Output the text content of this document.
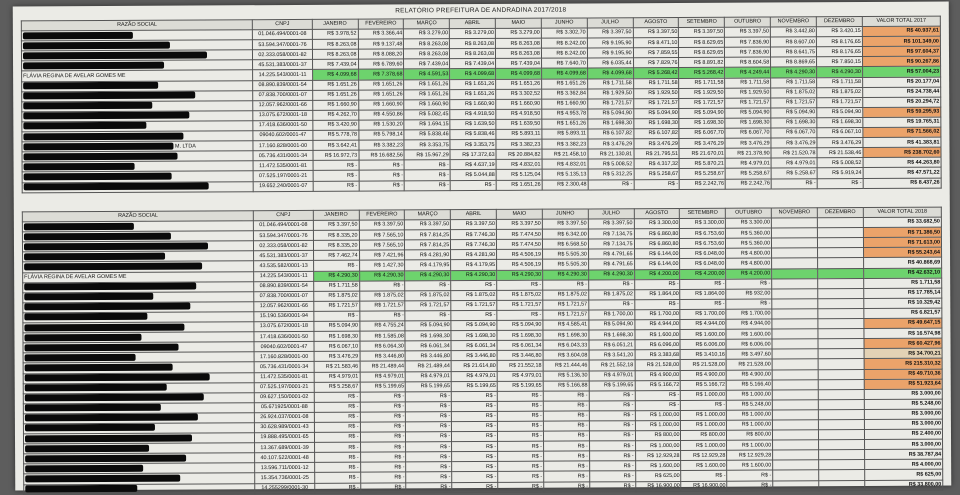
RELATÓRIO PREFEITURA DE ANDRADINA 2017/2018
RAZÃO SOCIAL	CNPJ	JANEIRO	FEVEREIRO	MARÇO	ABRIL	MAIO	JUNHO	JULHO	AGOSTO	SETEMBRO	OUTUBRO	NOVEMBRO	DEZEMBRO	VALOR TOTAL 2017
	01.046.494/0001-08	R$ 3.978,52	R$ 3.366,44	R$ 3.279,00	R$ 3.279,00	R$ 3.279,00	R$ 3.302,70	R$ 3.397,50	R$ 3.397,50	R$ 3.397,50	R$ 3.397,50	R$ 3.442,80	R$ 3.420,15	R$ 40.937,61
	53.594.347/0001-76	R$ 8.263,08	R$ 9.137,48	R$ 8.263,08	R$ 8.263,08	R$ 8.263,08	R$ 8.242,00	R$ 9.195,90	R$ 8.471,10	R$ 8.629,65	R$ 7.836,90	R$ 8.607,00	R$ 8.176,65	R$ 101.349,00
	02.333.058/0001-82	R$ 8.263,08	R$ 8.088,20	R$ 8.263,08	R$ 8.263,08	R$ 8.263,08	R$ 8.242,00	R$ 9.195,90	R$ 7.859,55	R$ 8.629,65	R$ 7.836,90	R$ 8.641,75	R$ 8.176,65	R$ 97.604,37
	45.531.383/0001-37	R$ 7.439,04	R$ 6.789,60	R$ 7.439,04	R$ 7.439,04	R$ 7.439,04	R$ 7.640,70	R$ 6.035,44	R$ 7.829,76	R$ 8.891,82	R$ 8.604,58	R$ 8.869,65	R$ 7.850,15	R$ 90.267,86
FLÁVIA REGINA DE AVELAR GOMES ME	14.225.543/0001-11	R$ 4.099,68	R$ 7.378,68	R$ 4.591,53	R$ 4.099,68	R$ 4.099,68	R$ 4.099,68	R$ 4.099,68	R$ 5.268,42	R$ 5.268,42	R$ 4.249,44	R$ 4.290,30	R$ 4.290,30	R$ 57.004,23
	08.890.839/0001-54	R$ 1.651,26	R$ 1.651,26	R$ 1.651,26	R$ 1.651,26	R$ 1.651,26	R$ 1.651,26	R$ 1.711,58	R$ 1.711,58	R$ 1.711,58	R$ 1.711,58	R$ 1.711,58	R$ 1.711,58	R$ 20.177,04
	07.838.700/0001-07	R$ 1.651,26	R$ 1.651,26	R$ 1.651,26	R$ 1.651,26	R$ 3.302,52	R$ 3.362,84	R$ 1.929,50	R$ 1.929,50	R$ 1.929,50	R$ 1.929,50	R$ 1.875,02	R$ 1.875,02	R$ 24.738,44
	12.057.962/0001-66	R$ 1.660,90	R$ 1.660,90	R$ 1.660,90	R$ 1.660,90	R$ 1.660,90	R$ 1.660,90	R$ 1.721,57	R$ 1.721,57	R$ 1.721,57	R$ 1.721,57	R$ 1.721,57	R$ 1.721,57	R$ 20.294,72
	13.075.672/0001-18	R$ 4.262,70	R$ 4.550,86	R$ 5.082,45	R$ 4.918,50	R$ 4.918,50	R$ 4.953,78	R$ 5.094,90	R$ 5.094,90	R$ 5.094,90	R$ 5.094,90	R$ 5.094,90	R$ 5.094,90	R$ 59.295,93
	17.418.636/0001-50	R$ 3.420,90	R$ 1.530,20	R$ 1.694,15	R$ 1.639,50	R$ 1.639,50	R$ 1.651,26	R$ 1.698,30	R$ 1.698,30	R$ 1.698,30	R$ 1.698,30	R$ 1.698,30	R$ 1.698,30	R$ 19.765,31
	09040.602/0001-47	R$ 5.778,78	R$ 5.798,14	R$ 5.838,46	R$ 5.838,46	R$ 5.893,11	R$ 5.893,11	R$ 6.107,82	R$ 6.107,82	R$ 6.067,70	R$ 6.067,70	R$ 6.067,70	R$ 6.067,10	R$ 71.566,02
M. LTDA	17.160.828/0001-00	R$ 3.642,41	R$ 3.382,23	R$ 3.353,75	R$ 3.353,75	R$ 3.382,23	R$ 3.382,23	R$ 3.476,29	R$ 3.476,29	R$ 3.476,29	R$ 3.476,29	R$ 3.476,29	R$ 3.476,29	R$ 41.383,81
	05.736.431/0001-34	R$ 16.972,73	R$ 16.682,56	R$ 15.967,29	R$ 17.372,63	R$ 20.884,82	R$ 21.458,10	R$ 21.130,81	R$ 21.795,51	R$ 21.670,01	R$ 21.378,90	R$ 21.520,78	R$ 21.538,46	R$ 238.702,60
	11.472.535/0001-81	R$ -	R$ -	R$ -	R$ 4.637,19	R$ 4.832,01	R$ 4.832,01	R$ 5.008,52	R$ 4.317,32	R$ 5.870,21	R$ 4.979,01	R$ 4.979,01	R$ 5.008,52	R$ 44.263,80
	07.525.197/0001-21	R$ -	R$ -	R$ -	R$ 5.044,88	R$ 5.125,04	R$ 5.135,13	R$ 5.312,25	R$ 5.258,67	R$ 5.258,67	R$ 5.258,67	R$ 5.258,67	R$ 5.919,24	R$ 47.571,22
	19.652.240/0001-07	R$ -	R$ -	R$ -	R$ -	R$ 1.651,26	R$ 2.300,48	R$ -	R$ -	R$ 2.242,76	R$ 2.242,76	R$ -	R$ -	R$ 8.437,26
RAZÃO SOCIAL	CNPJ	JANEIRO	FEVEREIRO	MARÇO	ABRIL	MAIO	JUNHO	JULHO	AGOSTO	SETEMBRO	OUTUBRO	NOVEMBRO	DEZEMBRO	VALOR TOTAL 2018
	01.046.494/0001-08	R$ 3.397,50	R$ 3.397,50	R$ 3.397,50	R$ 3.397,50	R$ 3.397,50	R$ 3.397,50	R$ 3.397,50	R$ 3.300,00	R$ 3.300,00	R$ 3.300,00			R$ 33.682,50
	53.594.347/0001-76	R$ 8.335,20	R$ 7.565,10	R$ 7.814,25	R$ 7.746,30	R$ 7.474,50	R$ 6.342,00	R$ 7.134,75	R$ 6.860,80	R$ 6.753,60	R$ 5.360,00			R$ 71.386,50
	02.333.058/0001-82	R$ 8.335,20	R$ 7.565,10	R$ 7.814,25	R$ 7.746,30	R$ 7.474,50	R$ 6.568,50	R$ 7.134,75	R$ 6.860,80	R$ 6.753,60	R$ 5.360,00			R$ 71.613,00
	45.531.383/0001-37	R$ 7.462,74	R$ 7.421,96	R$ 4.281,90	R$ 4.281,90	R$ 4.506,19	R$ 5.505,30	R$ 4.791,65	R$ 6.144,00	R$ 6.048,00	R$ 4.800,00			R$ 55.243,64
	43.535.582/0001-13	R$ -	R$ 1.427,30	R$ 4.179,95	R$ 4.179,95	R$ 4.506,19	R$ 5.505,30	R$ 4.791,65	R$ 6.144,00	R$ 6.048,00	R$ 4.800,00			R$ 40.868,69
FLÁVIA REGINA DE AVELAR GOMES ME	14.225.543/0001-11	R$ 4.290,30	R$ 4.290,30	R$ 4.290,30	R$ 4.290,30	R$ 4.290,30	R$ 4.290,30	R$ 4.290,30	R$ 4.200,00	R$ 4.200,00	R$ 4.200,00			R$ 42.632,10
	08.890.839/0001-54	R$ 1.711,58	R$ -	R$ -	R$ -	R$ -	R$ -	R$ -	R$ -	R$ -	R$ -			R$ 1.711,58
	07.838.700/0001-07	R$ 1.875,02	R$ 1.875,02	R$ 1.875,02	R$ 1.875,02	R$ 1.875,02	R$ 1.875,02	R$ 1.875,02	R$ 1.864,00	R$ 1.864,00	R$ 932,00			R$ 17.785,14
	12.057.962/0001-66	R$ 1.721,57	R$ 1.721,57	R$ 1.721,57	R$ 1.721,57	R$ 1.721,57	R$ 1.721,57	R$ -	R$ -	R$ -	R$ -			R$ 10.329,42
	15.190.536/0001-94	R$ -	R$ -	R$ -	R$ -	R$ -	R$ 1.721,57	R$ 1.700,00	R$ 1.700,00	R$ 1.700,00	R$ 1.700,00			R$ 6.821,57
	13.075.672/0001-18	R$ 5.094,90	R$ 4.755,24	R$ 5.094,90	R$ 5.094,90	R$ 5.094,90	R$ 4.585,41	R$ 5.094,90	R$ 4.944,00	R$ 4.944,00	R$ 4.944,00			R$ 49.647,15
	17.418.636/0001-50	R$ 1.698,30	R$ 1.585,08	R$ 1.698,30	R$ 1.698,30	R$ 1.698,30	R$ 1.698,30	R$ 1.698,30	R$ 1.600,00	R$ 1.600,00	R$ 1.600,00			R$ 16.574,98
	09040.602/0001-47	R$ 6.067,10	R$ 6.064,30	R$ 6.061,34	R$ 6.061,34	R$ 6.061,34	R$ 6.043,33	R$ 6.051,21	R$ 6.096,00	R$ 6.006,00	R$ 6.006,00			R$ 60.427,96
	17.160.828/0001-00	R$ 3.476,29	R$ 3.446,80	R$ 3.446,80	R$ 3.446,80	R$ 3.446,80	R$ 3.604,08	R$ 3.541,20	R$ 3.383,68	R$ 3.410,16	R$ 3.497,60			R$ 34.700,21
	05.736.431/0001-34	R$ 21.583,46	R$ 21.489,44	R$ 21.489,44	R$ 21.614,80	R$ 21.552,18	R$ 21.444,46	R$ 21.552,18	R$ 21.528,00	R$ 21.528,00	R$ 21.528,00			R$ 215.310,32
	11.472.535/0001-81	R$ 4.979,01	R$ 4.979,01	R$ 4.979,01	R$ 4.979,01	R$ 4.979,01	R$ 5.136,30	R$ 4.979,01	R$ 4.900,00	R$ 4.900,00	R$ 4.900,00			R$ 49.710,36
	07.525.197/0001-21	R$ 5.258,67	R$ 5.199,65	R$ 5.199,65	R$ 5.199,65	R$ 5.199,65	R$ 5.166,88	R$ 5.199,65	R$ 5.166,72	R$ 5.166,72	R$ 5.166,40			R$ 51.923,64
	09.627.150/0001-02	R$ -	R$ -	R$ -	R$ -	R$ -	R$ -	R$ -	R$ -	R$ 1.000,00	R$ 1.000,00			R$ 3.000,00
	05.671925/0001-88	R$ -	R$ -	R$ -	R$ -	R$ -	R$ -	R$ -	R$ -	R$ -	R$ 5.248,00			R$ 5.248,00
	26.924.037/0001-08	R$ -	R$ -	R$ -	R$ -	R$ -	R$ -	R$ -	R$ 1.000,00	R$ 1.000,00	R$ 1.000,00			R$ 3.000,00
	30.628.989/0001-43	R$ -	R$ -	R$ -	R$ -	R$ -	R$ -	R$ -	R$ 1.000,00	R$ 1.000,00	R$ 1.000,00			R$ 3.000,00
	19.888.495/0001-65	R$ -	R$ -	R$ -	R$ -	R$ -	R$ -	R$ -	R$ 800,00	R$ 800,00	R$ 800,00			R$ 2.400,00
	13.367.689/0001-39	R$ -	R$ -	R$ -	R$ -	R$ -	R$ -	R$ -	R$ 1.000,00	R$ 1.000,00	R$ 1.000,00			R$ 3.000,00
	40.107.522/0001-48	R$ -	R$ -	R$ -	R$ -	R$ -	R$ -	R$ -	R$ 12.929,28	R$ 12.929,28	R$ 12.929,28			R$ 38.787,84
	13.596.711/0001-12	R$ -	R$ -	R$ -	R$ -	R$ -	R$ -	R$ -	R$ 1.600,00	R$ 1.600,00	R$ 1.600,00			R$ 4.000,00
	15.354.736/0001-25	R$ -	R$ -	R$ -	R$ -	R$ -	R$ -	R$ -	R$ 625,00	R$ -	R$ -			R$ 625,00
	14.255299/0001-30	R$ -	R$ -	R$ -	R$ -	R$ -	R$ -	R$ -	R$ 16.900,00	R$ 16.900,00	R$ -			R$ 33.800,00
